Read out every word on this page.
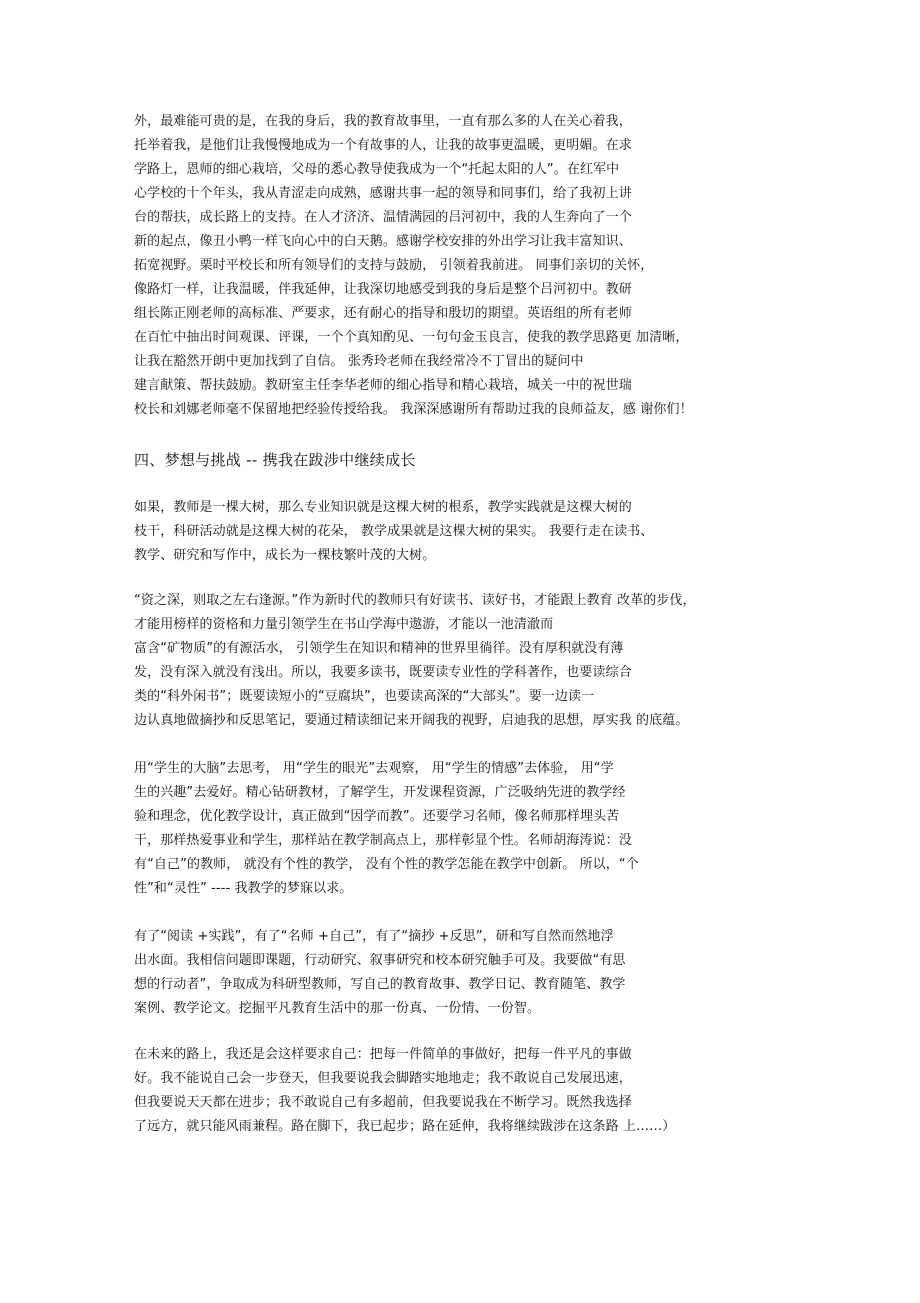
外，最难能可贵的是，在我的身后，我的教育故事里，一直有那么多的人在关心着我，
托举着我，是他们让我慢慢地成为一个有故事的人，让我的故事更温暖，更明媚。在求
学路上，恩师的细心栽培，父母的悉心教导使我成为一个“托起太阳的人”。在红军中
心学校的十个年头，我从青涩走向成熟，感谢共事一起的领导和同事们，给了我初上讲
台的帮扶，成长路上的支持。在人才济济、温情满园的吕河初中，我的人生奔向了一个
新的起点，像丑小鸭一样飞向心中的白天鹅。感谢学校安排的外出学习让我丰富知识、
拓宽视野。栗时平校长和所有领导们的支持与鼓励， 引领着我前进。 同事们亲切的关怀，
像路灯一样，让我温暖，伴我延伸，让我深切地感受到我的身后是整个吕河初中。教研
组长陈正刚老师的高标准、严要求，还有耐心的指导和殷切的期望。英语组的所有老师
在百忙中抽出时间观课、评课，一个个真知酌见、一句句金玉良言，使我的教学思路更 加清晰，
让我在豁然开朗中更加找到了自信。 张秀玲老师在我经常冷不丁冒出的疑问中
建言献策、帮扶鼓励。教研室主任李华老师的细心指导和精心栽培，城关一中的祝世瑞
校长和刘娜老师毫不保留地把经验传授给我。 我深深感谢所有帮助过我的良师益友，感 谢你们！
四、梦想与挑战 -- 携我在跋涉中继续成长
如果，教师是一棵大树，那么专业知识就是这棵大树的根系，教学实践就是这棵大树的
枝干，科研活动就是这棵大树的花朵， 教学成果就是这棵大树的果实。 我要行走在读书、
教学、研究和写作中，成长为一棵枝繁叶茂的大树。
“资之深，则取之左右逢源。”作为新时代的教师只有好读书、读好书，才能跟上教育 改革的步伐，
才能用榜样的资格和力量引领学生在书山学海中遨游，才能以一池清澈而
富含“矿物质”的有源活水， 引领学生在知识和精神的世界里徜徉。没有厚积就没有薄
发，没有深入就没有浅出。所以，我要多读书，既要读专业性的学科著作，也要读综合
类的“科外闲书”；既要读短小的“豆腐块”，也要读高深的“大部头”。要一边读一
边认真地做摘抄和反思笔记，要通过精读细记来开阔我的视野，启迪我的思想，厚实我 的底蕴。
用“学生的大脑”去思考， 用“学生的眼光”去观察， 用“学生的情感”去体验， 用“学
生的兴趣”去爱好。精心钻研教材，了解学生，开发课程资源，广泛吸纳先进的教学经
验和理念，优化教学设计，真正做到“因学而教”。还要学习名师，像名师那样埋头苦
干，那样热爱事业和学生，那样站在教学制高点上，那样彰显个性。名师胡海涛说：没
有“自己”的教师， 就没有个性的教学， 没有个性的教学怎能在教学中创新。 所以，“个
性”和“灵性” ---- 我教学的梦寐以求。
有了“阅读 +实践”，有了“名师 +自己”，有了“摘抄 +反思”，研和写自然而然地浮
出水面。我相信问题即课题，行动研究、叙事研究和校本研究触手可及。我要做“有思
想的行动者”，争取成为科研型教师，写自己的教育故事、教学日记、教育随笔、教学
案例、教学论文。挖掘平凡教育生活中的那一份真、一份情、一份智。
在未来的路上，我还是会这样要求自己：把每一件简单的事做好，把每一件平凡的事做
好。我不能说自己会一步登天，但我要说我会脚踏实地地走；我不敢说自己发展迅速，
但我要说天天都在进步；我不敢说自己有多超前，但我要说我在不断学习。既然我选择
了远方，就只能风雨兼程。路在脚下，我已起步；路在延伸，我将继续跋涉在这条路 上……）
